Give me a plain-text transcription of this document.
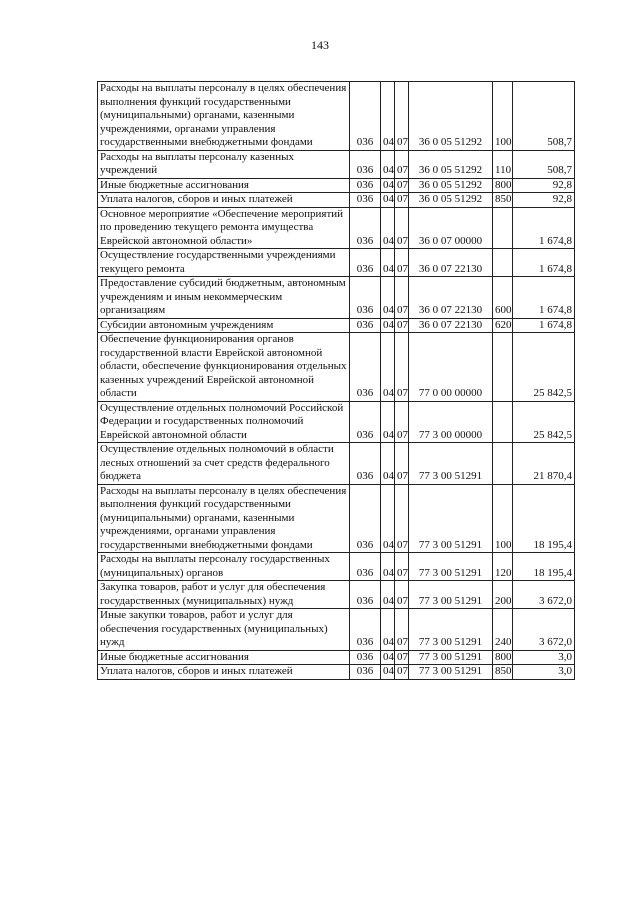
143
Расходы на выплаты персоналу в целях обеспечения выполнения функций государственными (муниципальными) органами, казенными учреждениями, органами управления государственными внебюджетными фондами	036	04	07	36 0 05 51292	100	508,7
Расходы на выплаты персоналу казенных учреждений	036	04	07	36 0 05 51292	110	508,7
Иные бюджетные ассигнования	036	04	07	36 0 05 51292	800	92,8
Уплата налогов, сборов и иных платежей	036	04	07	36 0 05 51292	850	92,8
Основное мероприятие «Обеспечение мероприятий по проведению текущего ремонта имущества Еврейской автономной области»	036	04	07	36 0 07 00000		1 674,8
Осуществление государственными учреждениями текущего ремонта	036	04	07	36 0 07 22130		1 674,8
Предоставление субсидий бюджетным, автономным учреждениям и иным некоммерческим организациям	036	04	07	36 0 07 22130	600	1 674,8
Субсидии автономным учреждениям	036	04	07	36 0 07 22130	620	1 674,8
Обеспечение функционирования органов государственной власти Еврейской автономной области, обеспечение функционирования отдельных казенных учреждений Еврейской автономной области	036	04	07	77 0 00 00000		25 842,5
Осуществление отдельных полномочий Российской Федерации и государственных полномочий Еврейской автономной области	036	04	07	77 3 00 00000		25 842,5
Осуществление отдельных полномочий в области лесных отношений за счет средств федерального бюджета	036	04	07	77 3 00 51291		21 870,4
Расходы на выплаты персоналу в целях обеспечения выполнения функций государственными (муниципальными) органами, казенными учреждениями, органами управления государственными внебюджетными фондами	036	04	07	77 3 00 51291	100	18 195,4
Расходы на выплаты персоналу государственных (муниципальных) органов	036	04	07	77 3 00 51291	120	18 195,4
Закупка товаров, работ и услуг для обеспечения государственных (муниципальных) нужд	036	04	07	77 3 00 51291	200	3 672,0
Иные закупки товаров, работ и услуг для обеспечения государственных (муниципальных) нужд	036	04	07	77 3 00 51291	240	3 672,0
Иные бюджетные ассигнования	036	04	07	77 3 00 51291	800	3,0
Уплата налогов, сборов и иных платежей	036	04	07	77 3 00 51291	850	3,0
